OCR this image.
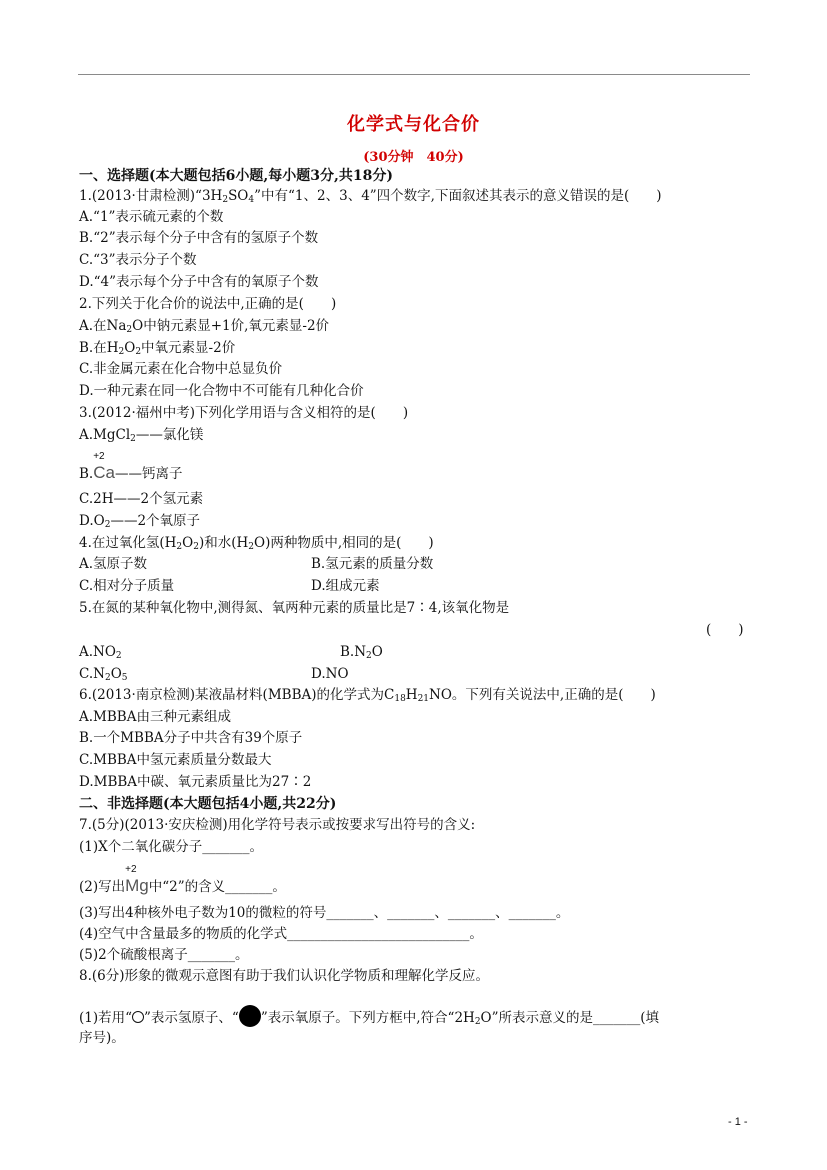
化学式与化合价
(30分钟　40分)
一、选择题(本大题包括6小题,每小题3分,共18分)
1.(2013·甘肃检测)“$3H_2SO_4$”中有“1、2、3、4”四个数字,下面叙述其表示的意义错误的是(　　)
A.“1”表示硫元素的个数
B.“2”表示每个分子中含有的氢原子个数
C.“3”表示分子个数
D.“4”表示每个分子中含有的氧原子个数
2.下列关于化合价的说法中,正确的是(　　)
A.在$Na_2O$中钠元素显+1价,氧元素显-2价
B.在$H_2O_2$中氧元素显-2价
C.非金属元素在化合物中总显负价
D.一种元素在同一化合物中不可能有几种化合价
3.(2012·福州中考)下列化学用语与含义相符的是(　　)
A.MgCl$_2$——氯化镁
B.
+2
Ca——钙离子
C.2H——2个氢元素
$D.O_2——2$个氧原子
4.在过氧化氢$(H_2O_2)$和水$(H_2O)$两种物质中,相同的是(　　)
A.氢原子数	B.氢元素的质量分数
C.相对分子质量	D.组成元素
5.在氮的某种氧化物中,测得氮、氧两种元素的质量比是7∶4,该氧化物是
(　　)
$A.NO_2$	$B.N_2O$
$C.N_2O_5$	D.NO
6.(2013·南京检测)某液晶材料(MBBA)的化学式为$C_{18}H_{21}NO$。下列有关说法中,正确的是(　　)
A.MBBA由三种元素组成
B.一个MBBA分子中共含有39个原子
C.MBBA中氢元素质量分数最大
D.MBBA中碳、氧元素质量比为27∶2
二、非选择题(本大题包括4小题,共22分)
7.(5分)(2013·安庆检测)用化学符号表示或按要求写出符号的含义:
(1)X个二氧化碳分子_______。
(2)写出
+2
Mg中“2”的含义_______。
(3)写出4种核外电子数为10的微粒的符号_______、_______、_______、_______。
(4)空气中含量最多的物质的化学式___________________________。
(5)2个硫酸根离子_______。
8.(6分)形象的微观示意图有助于我们认识化学物质和理解化学反应。
(1)若用“ ”表示氢原子、“ ”表示氧原子。下列方框中,符合“$2H_2O$”所表示意义的是_______(填
序号)。
- 1 -
